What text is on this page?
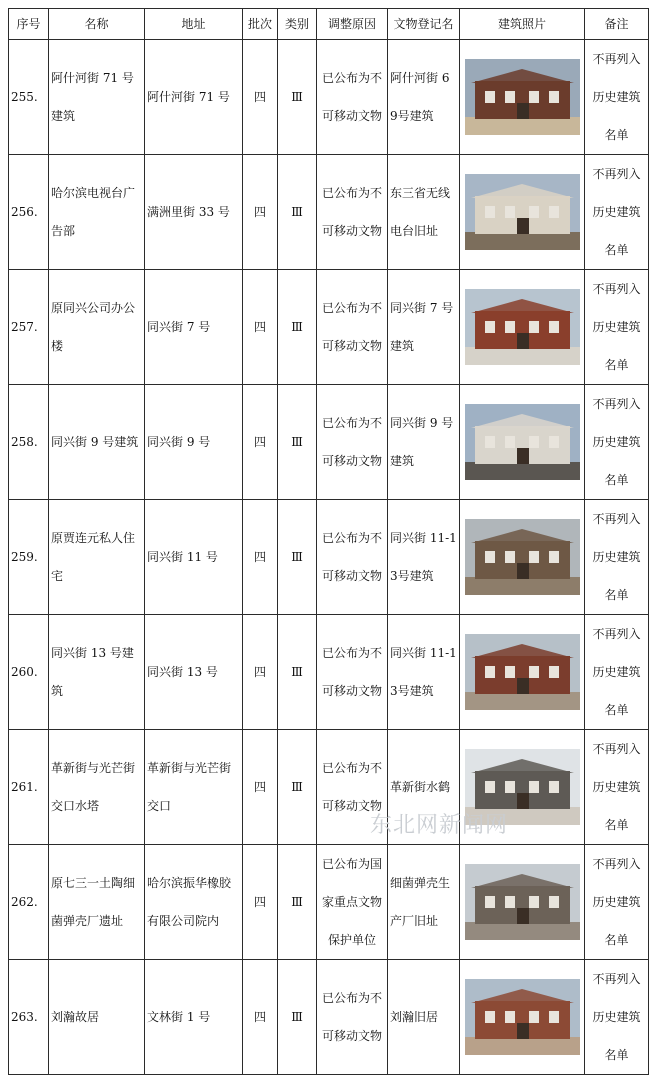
序号	名称	地址	批次	类别	调整原因	文物登记名	建筑照片	备注

255.	阿什河街 71 号建筑	阿什河街 71 号	四	Ⅲ	已公布为不可移动文物	阿什河街 69号建筑		不再列入历史建筑名单

256.	哈尔滨电视台广告部	满洲里街 33 号	四	Ⅲ	已公布为不可移动文物	东三省无线电台旧址		不再列入历史建筑名单

257.	原同兴公司办公楼	同兴街 7 号	四	Ⅲ	已公布为不可移动文物	同兴街 7 号建筑		不再列入历史建筑名单

258.	同兴街 9 号建筑	同兴街 9 号	四	Ⅲ	已公布为不可移动文物	同兴街 9 号建筑		不再列入历史建筑名单

259.	原贾连元私人住宅	同兴街 11 号	四	Ⅲ	已公布为不可移动文物	同兴街 11-13号建筑		不再列入历史建筑名单

260.	同兴街 13 号建筑	同兴街 13 号	四	Ⅲ	已公布为不可移动文物	同兴街 11-13号建筑		不再列入历史建筑名单

261.	革新街与光芒街交口水塔	革新街与光芒街交口	四	Ⅲ	已公布为不可移动文物	革新街水鹤		不再列入历史建筑名单

262.	原七三一土陶细菌弹壳厂遗址	哈尔滨振华橡胶有限公司院内	四	Ⅲ	已公布为国家重点文物保护单位	细菌弹壳生产厂旧址		不再列入历史建筑名单

263.	刘瀚故居	文林街 1 号	四	Ⅲ	已公布为不可移动文物	刘瀚旧居		不再列入历史建筑名单
东北网新闻网
